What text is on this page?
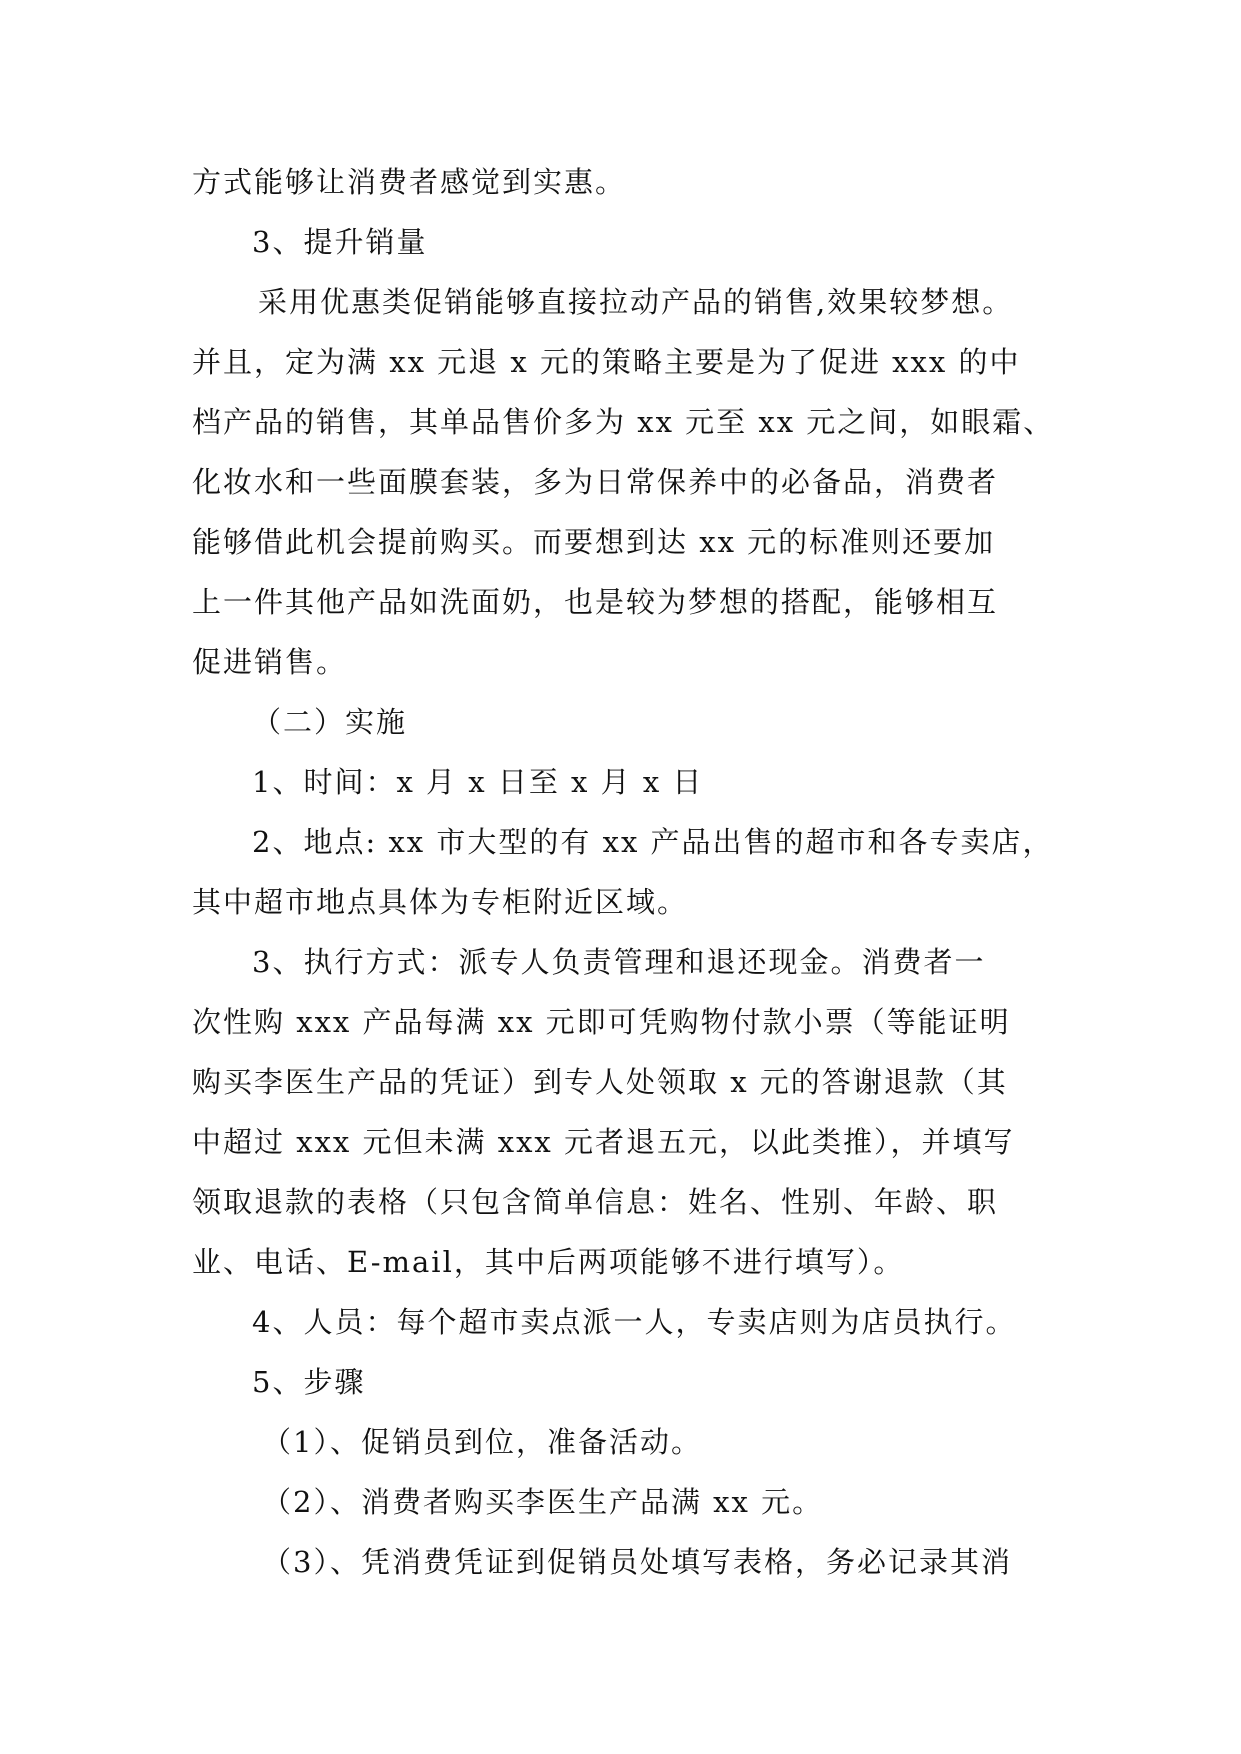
方式能够让消费者感觉到实惠。
3、提升销量
采用优惠类促销能够直接拉动产品的销售,效果较梦想。
并且，定为满 xx 元退 x 元的策略主要是为了促进 xxx 的中
档产品的销售，其单品售价多为 xx 元至 xx 元之间，如眼霜、
化妆水和一些面膜套装，多为日常保养中的必备品，消费者
能够借此机会提前购买。而要想到达 xx 元的标准则还要加
上一件其他产品如洗面奶，也是较为梦想的搭配，能够相互
促进销售。
（二）实施
1、时间：x 月 x 日至 x 月 x 日
2、地点: xx 市大型的有 xx 产品出售的超市和各专卖店，
其中超市地点具体为专柜附近区域。
3、执行方式：派专人负责管理和退还现金。消费者一
次性购 xxx 产品每满 xx 元即可凭购物付款小票（等能证明
购买李医生产品的凭证）到专人处领取 x 元的答谢退款（其
中超过 xxx 元但未满 xxx 元者退五元，以此类推），并填写
领取退款的表格（只包含简单信息：姓名、性别、年龄、职
业、电话、E-mail，其中后两项能够不进行填写）。
4、人员：每个超市卖点派一人，专卖店则为店员执行。
5、步骤
（1）、促销员到位，准备活动。
（2）、消费者购买李医生产品满 xx 元。
（3）、凭消费凭证到促销员处填写表格，务必记录其消
